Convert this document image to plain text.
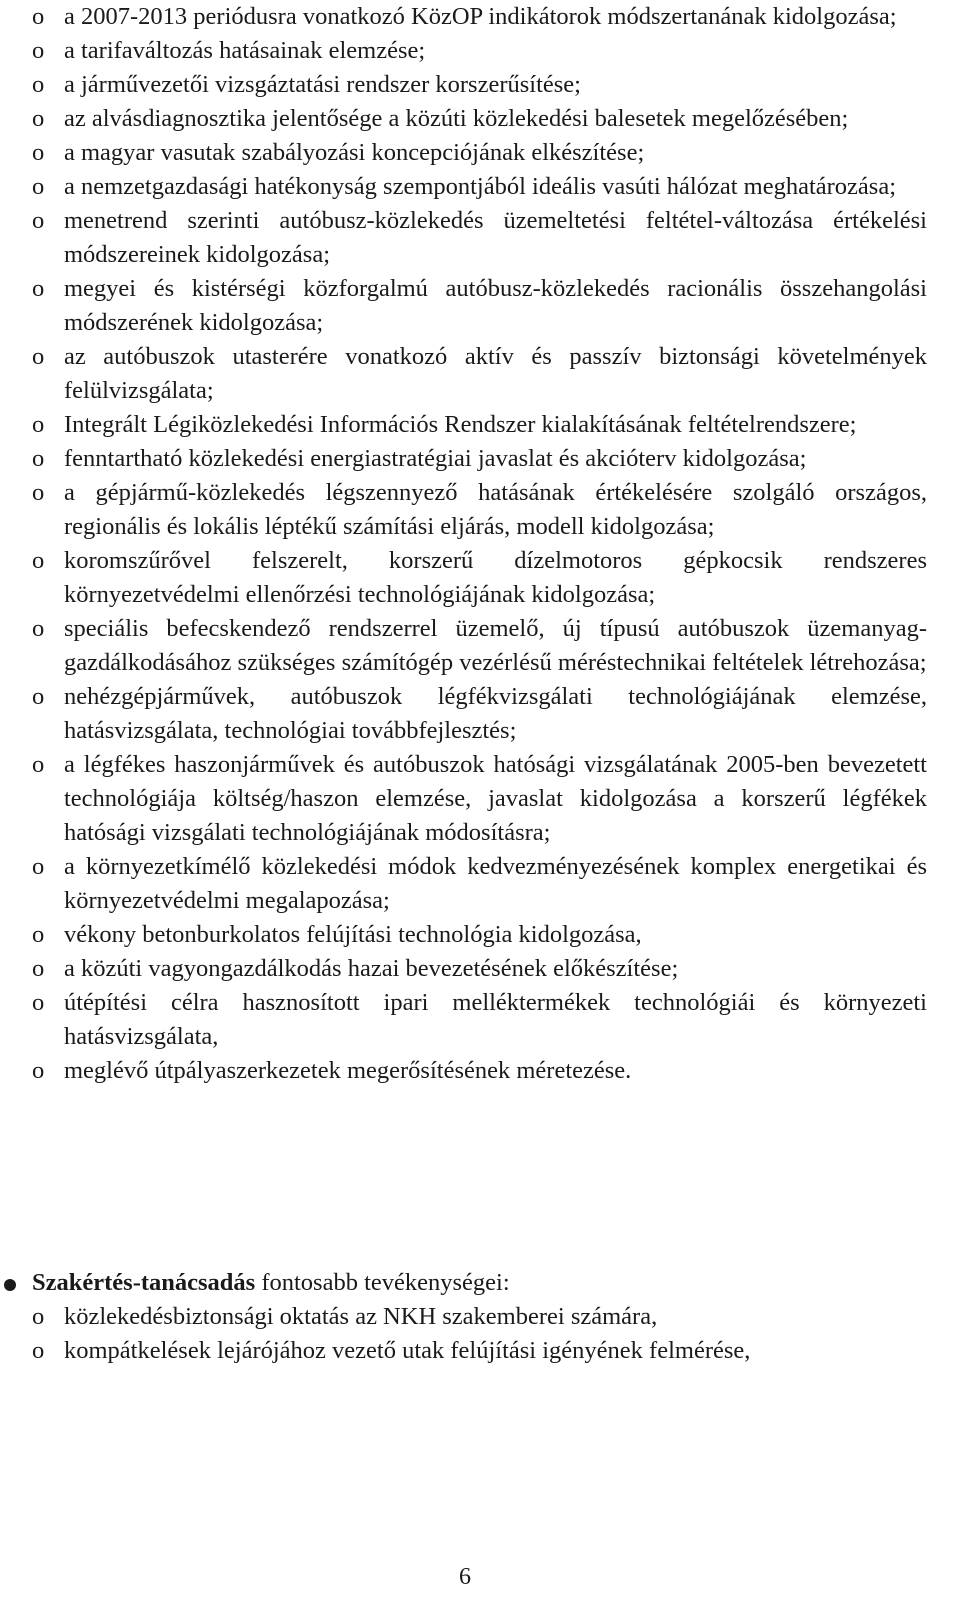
o a 2007-2013 periódusra vonatkozó KözOP indikátorok módszertanának kidolgozása;
o a tarifaváltozás hatásainak elemzése;
o a járművezetői vizsgáztatási rendszer korszerűsítése;
o az alvásdiagnosztika jelentősége a közúti közlekedési balesetek megelőzésében;
o a magyar vasutak szabályozási koncepciójának elkészítése;
o a nemzetgazdasági hatékonyság szempontjából ideális vasúti hálózat meghatározása;
o menetrend szerinti autóbusz-közlekedés üzemeltetési feltétel-változása értékelési módszereinek kidolgozása;
o megyei és kistérségi közforgalmú autóbusz-közlekedés racionális összehangolási módszerének kidolgozása;
o az autóbuszok utasterére vonatkozó aktív és passzív biztonsági követelmények felülvizsgálata;
o Integrált Légiközlekedési Információs Rendszer kialakításának feltételrendszere;
o fenntartható közlekedési energiastratégiai javaslat és akcióterv kidolgozása;
o a gépjármű-közlekedés légszennyező hatásának értékelésére szolgáló országos, regionális és lokális léptékű számítási eljárás, modell kidolgozása;
o koromszűrővel felszerelt, korszerű dízelmotoros gépkocsik rendszeres környezetvédelmi ellenőrzési technológiájának kidolgozása;
o speciális befecskendező rendszerrel üzemelő, új típusú autóbuszok üzemanyag-gazdálkodásához szükséges számítógép vezérlésű méréstechnikai feltételek létrehozása;
o nehézgépjárművek, autóbuszok légfékvizsgálati technológiájának elemzése, hatásvizsgálata, technológiai továbbfejlesztés;
o a légfékes haszonjárművek és autóbuszok hatósági vizsgálatának 2005-ben bevezetett technológiája költség/haszon elemzése, javaslat kidolgozása a korszerű légfékek hatósági vizsgálati technológiájának módosításra;
o a környezetkímélő közlekedési módok kedvezményezésének komplex energetikai és környezetvédelmi megalapozása;
o vékony betonburkolatos felújítási technológia kidolgozása,
o a közúti vagyongazdálkodás hazai bevezetésének előkészítése;
o útépítési célra hasznosított ipari melléktermékek technológiái és környezeti hatásvizsgálata,
o meglévő útpályaszerkezetek megerősítésének méretezése.
Szakértés-tanácsadás fontosabb tevékenységei:
o közlekedésbiztonsági oktatás az NKH szakemberei számára,
o kompátkelések lejárójához vezető utak felújítási igényének felmérése,
6
